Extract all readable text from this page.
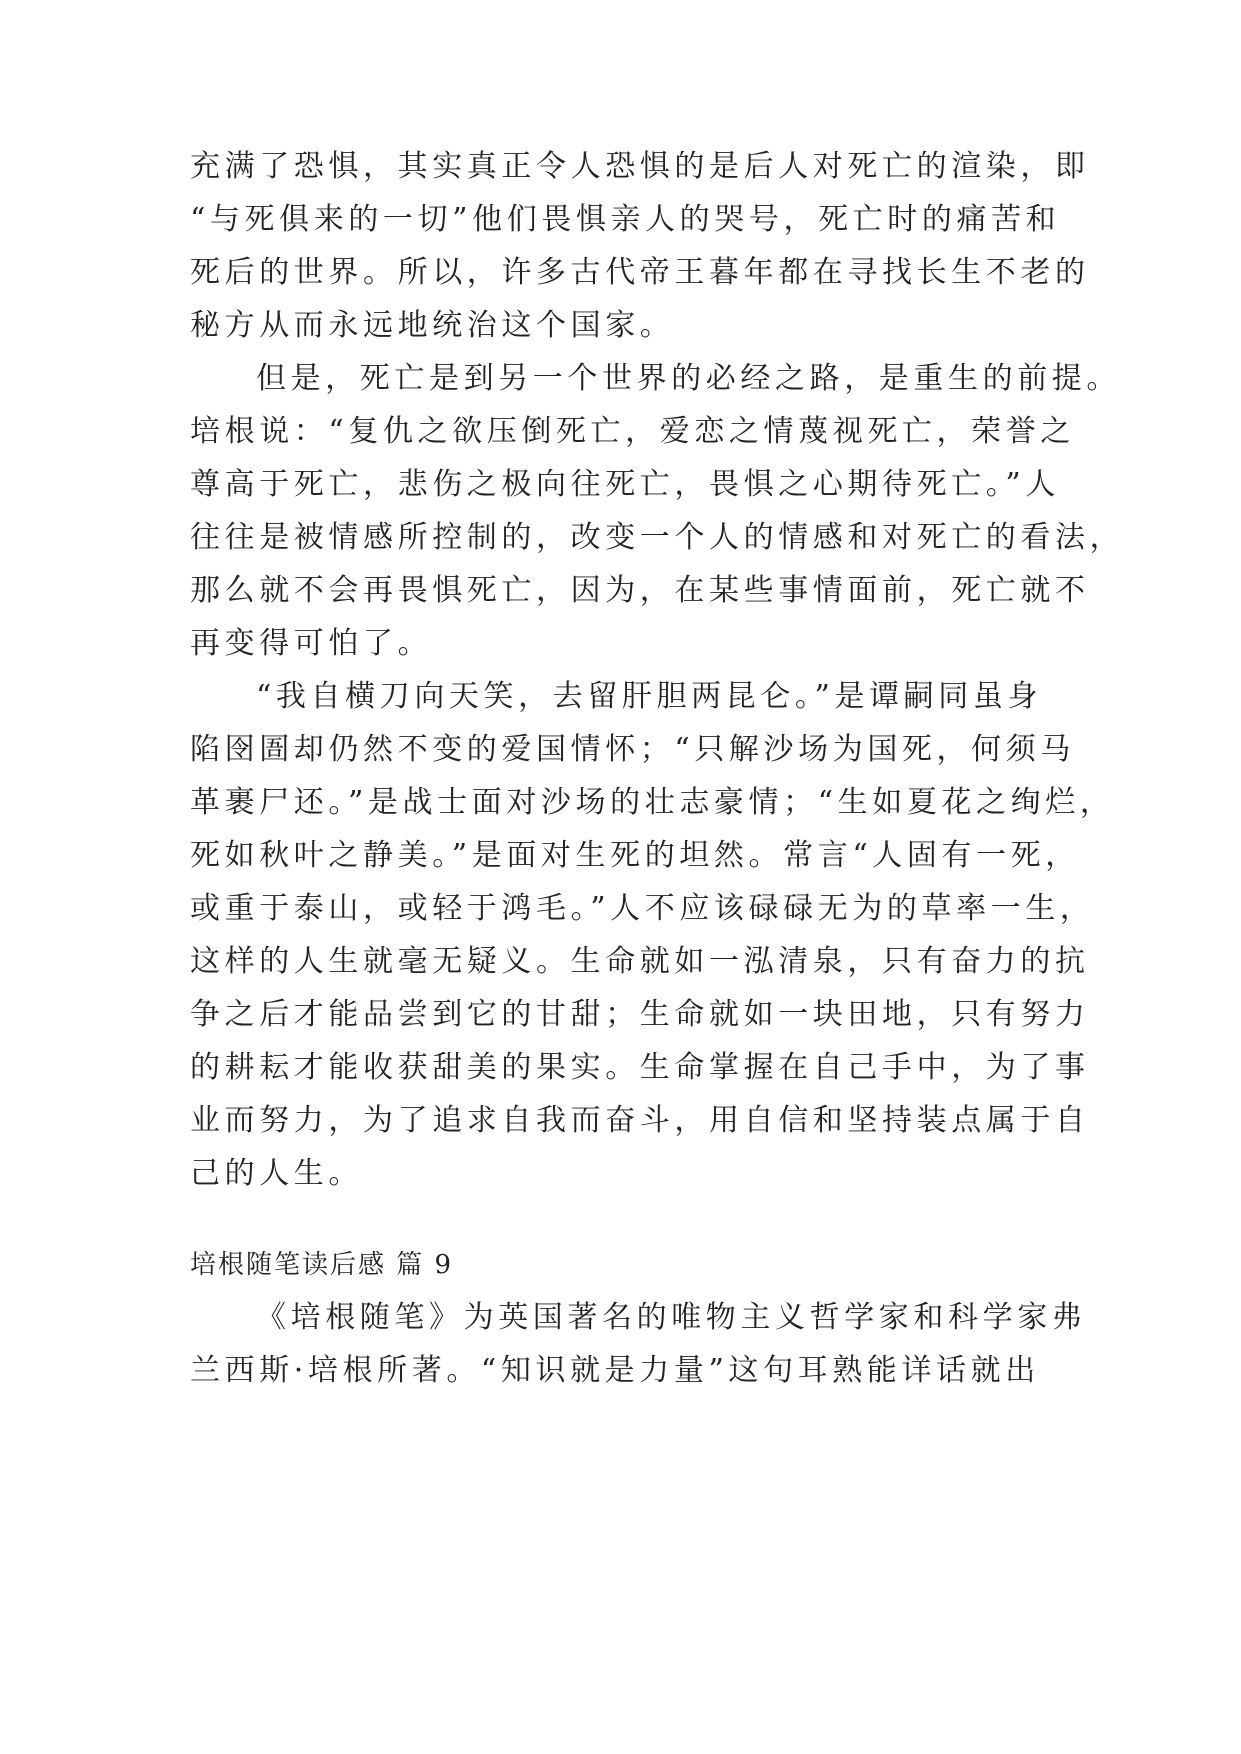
充满了恐惧，其实真正令人恐惧的是后人对死亡的渲染，即
“与死俱来的一切”他们畏惧亲人的哭号，死亡时的痛苦和
死后的世界。所以，许多古代帝王暮年都在寻找长生不老的
秘方从而永远地统治这个国家。
但是，死亡是到另一个世界的必经之路，是重生的前提。
培根说：“复仇之欲压倒死亡，爱恋之情蔑视死亡，荣誉之
尊高于死亡，悲伤之极向往死亡，畏惧之心期待死亡。”人
往往是被情感所控制的，改变一个人的情感和对死亡的看法，
那么就不会再畏惧死亡，因为，在某些事情面前，死亡就不
再变得可怕了。
“我自横刀向天笑，去留肝胆两昆仑。”是谭嗣同虽身
陷囹圄却仍然不变的爱国情怀；“只解沙场为国死，何须马
革裹尸还。”是战士面对沙场的壮志豪情；“生如夏花之绚烂，
死如秋叶之静美。”是面对生死的坦然。常言“人固有一死，
或重于泰山，或轻于鸿毛。”人不应该碌碌无为的草率一生，
这样的人生就毫无疑义。生命就如一泓清泉，只有奋力的抗
争之后才能品尝到它的甘甜；生命就如一块田地，只有努力
的耕耘才能收获甜美的果实。生命掌握在自己手中，为了事
业而努力，为了追求自我而奋斗，用自信和坚持装点属于自
己的人生。
培根随笔读后感 篇 9
《培根随笔》为英国著名的唯物主义哲学家和科学家弗
兰西斯·培根所著。“知识就是力量”这句耳熟能详话就出
